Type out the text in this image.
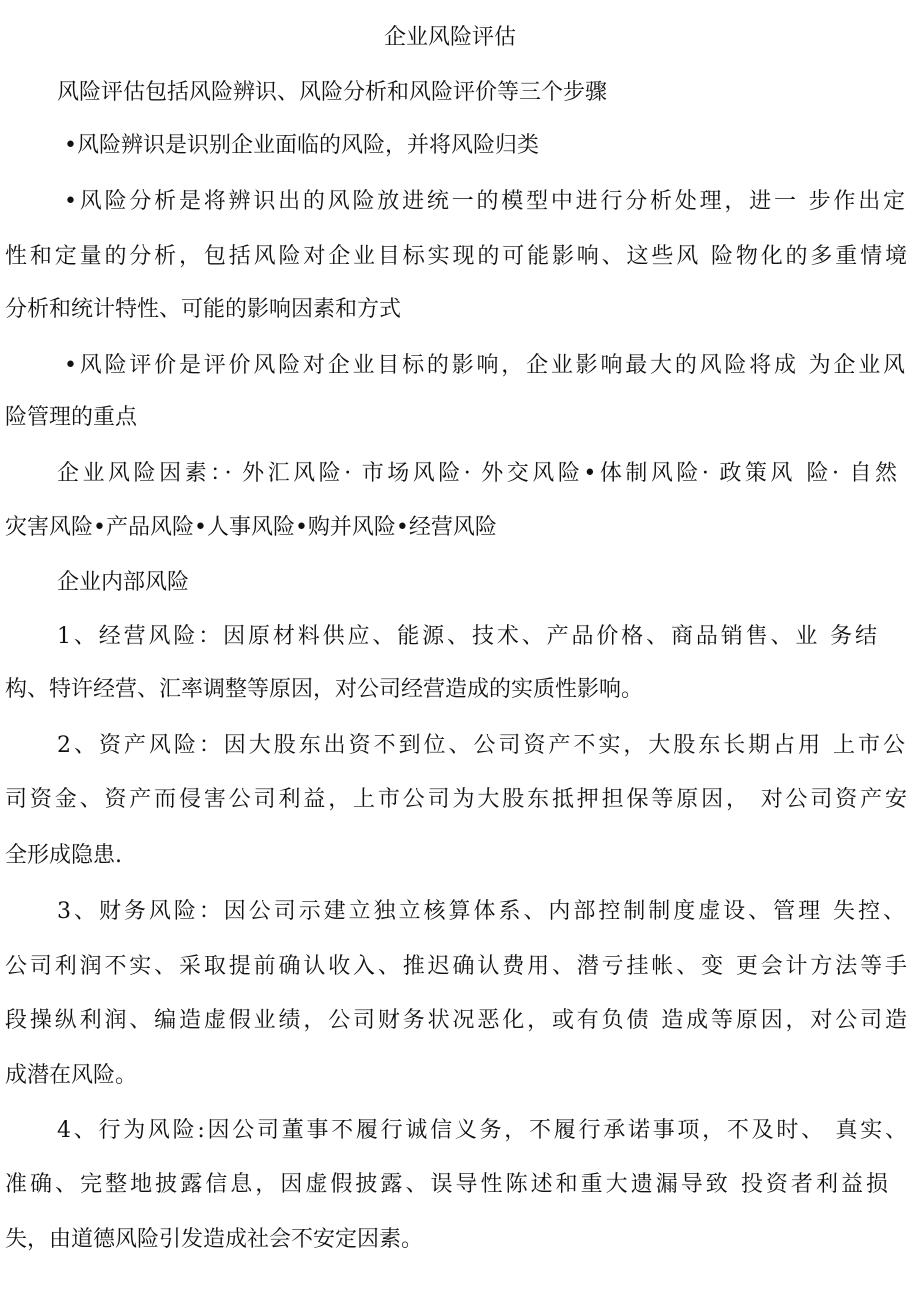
企业风险评估
风险评估包括风险辨识、风险分析和风险评价等三个步骤
•风险辨识是识别企业面临的风险，并将风险归类
•风险分析是将辨识出的风险放进统一的模型中进行分析处理，进一 步作出定
性和定量的分析，包括风险对企业目标实现的可能影响、这些风 险物化的多重情境
分析和统计特性、可能的影响因素和方式
•风险评价是评价风险对企业目标的影响，企业影响最大的风险将成 为企业风
险管理的重点
企业风险因素：· 外汇风险· 市场风险· 外交风险•体制风险· 政策风 险· 自然
灾害风险•产品风险•人事风险•购并风险•经营风险
企业内部风险
1、经营风险：因原材料供应、能源、技术、产品价格、商品销售、业 务结
构、特许经营、汇率调整等原因，对公司经营造成的实质性影响。
2、资产风险：因大股东出资不到位、公司资产不实，大股东长期占用 上市公
司资金、资产而侵害公司利益，上市公司为大股东抵押担保等原因， 对公司资产安
全形成隐患.
3、财务风险：因公司示建立独立核算体系、内部控制制度虚设、管理 失控、
公司利润不实、采取提前确认收入、推迟确认费用、潜亏挂帐、变 更会计方法等手
段操纵利润、编造虚假业绩，公司财务状况恶化，或有负债 造成等原因，对公司造
成潜在风险。
4、行为风险:因公司董事不履行诚信义务，不履行承诺事项，不及时、 真实、
准确、完整地披露信息，因虚假披露、误导性陈述和重大遗漏导致 投资者利益损
失，由道德风险引发造成社会不安定因素。
